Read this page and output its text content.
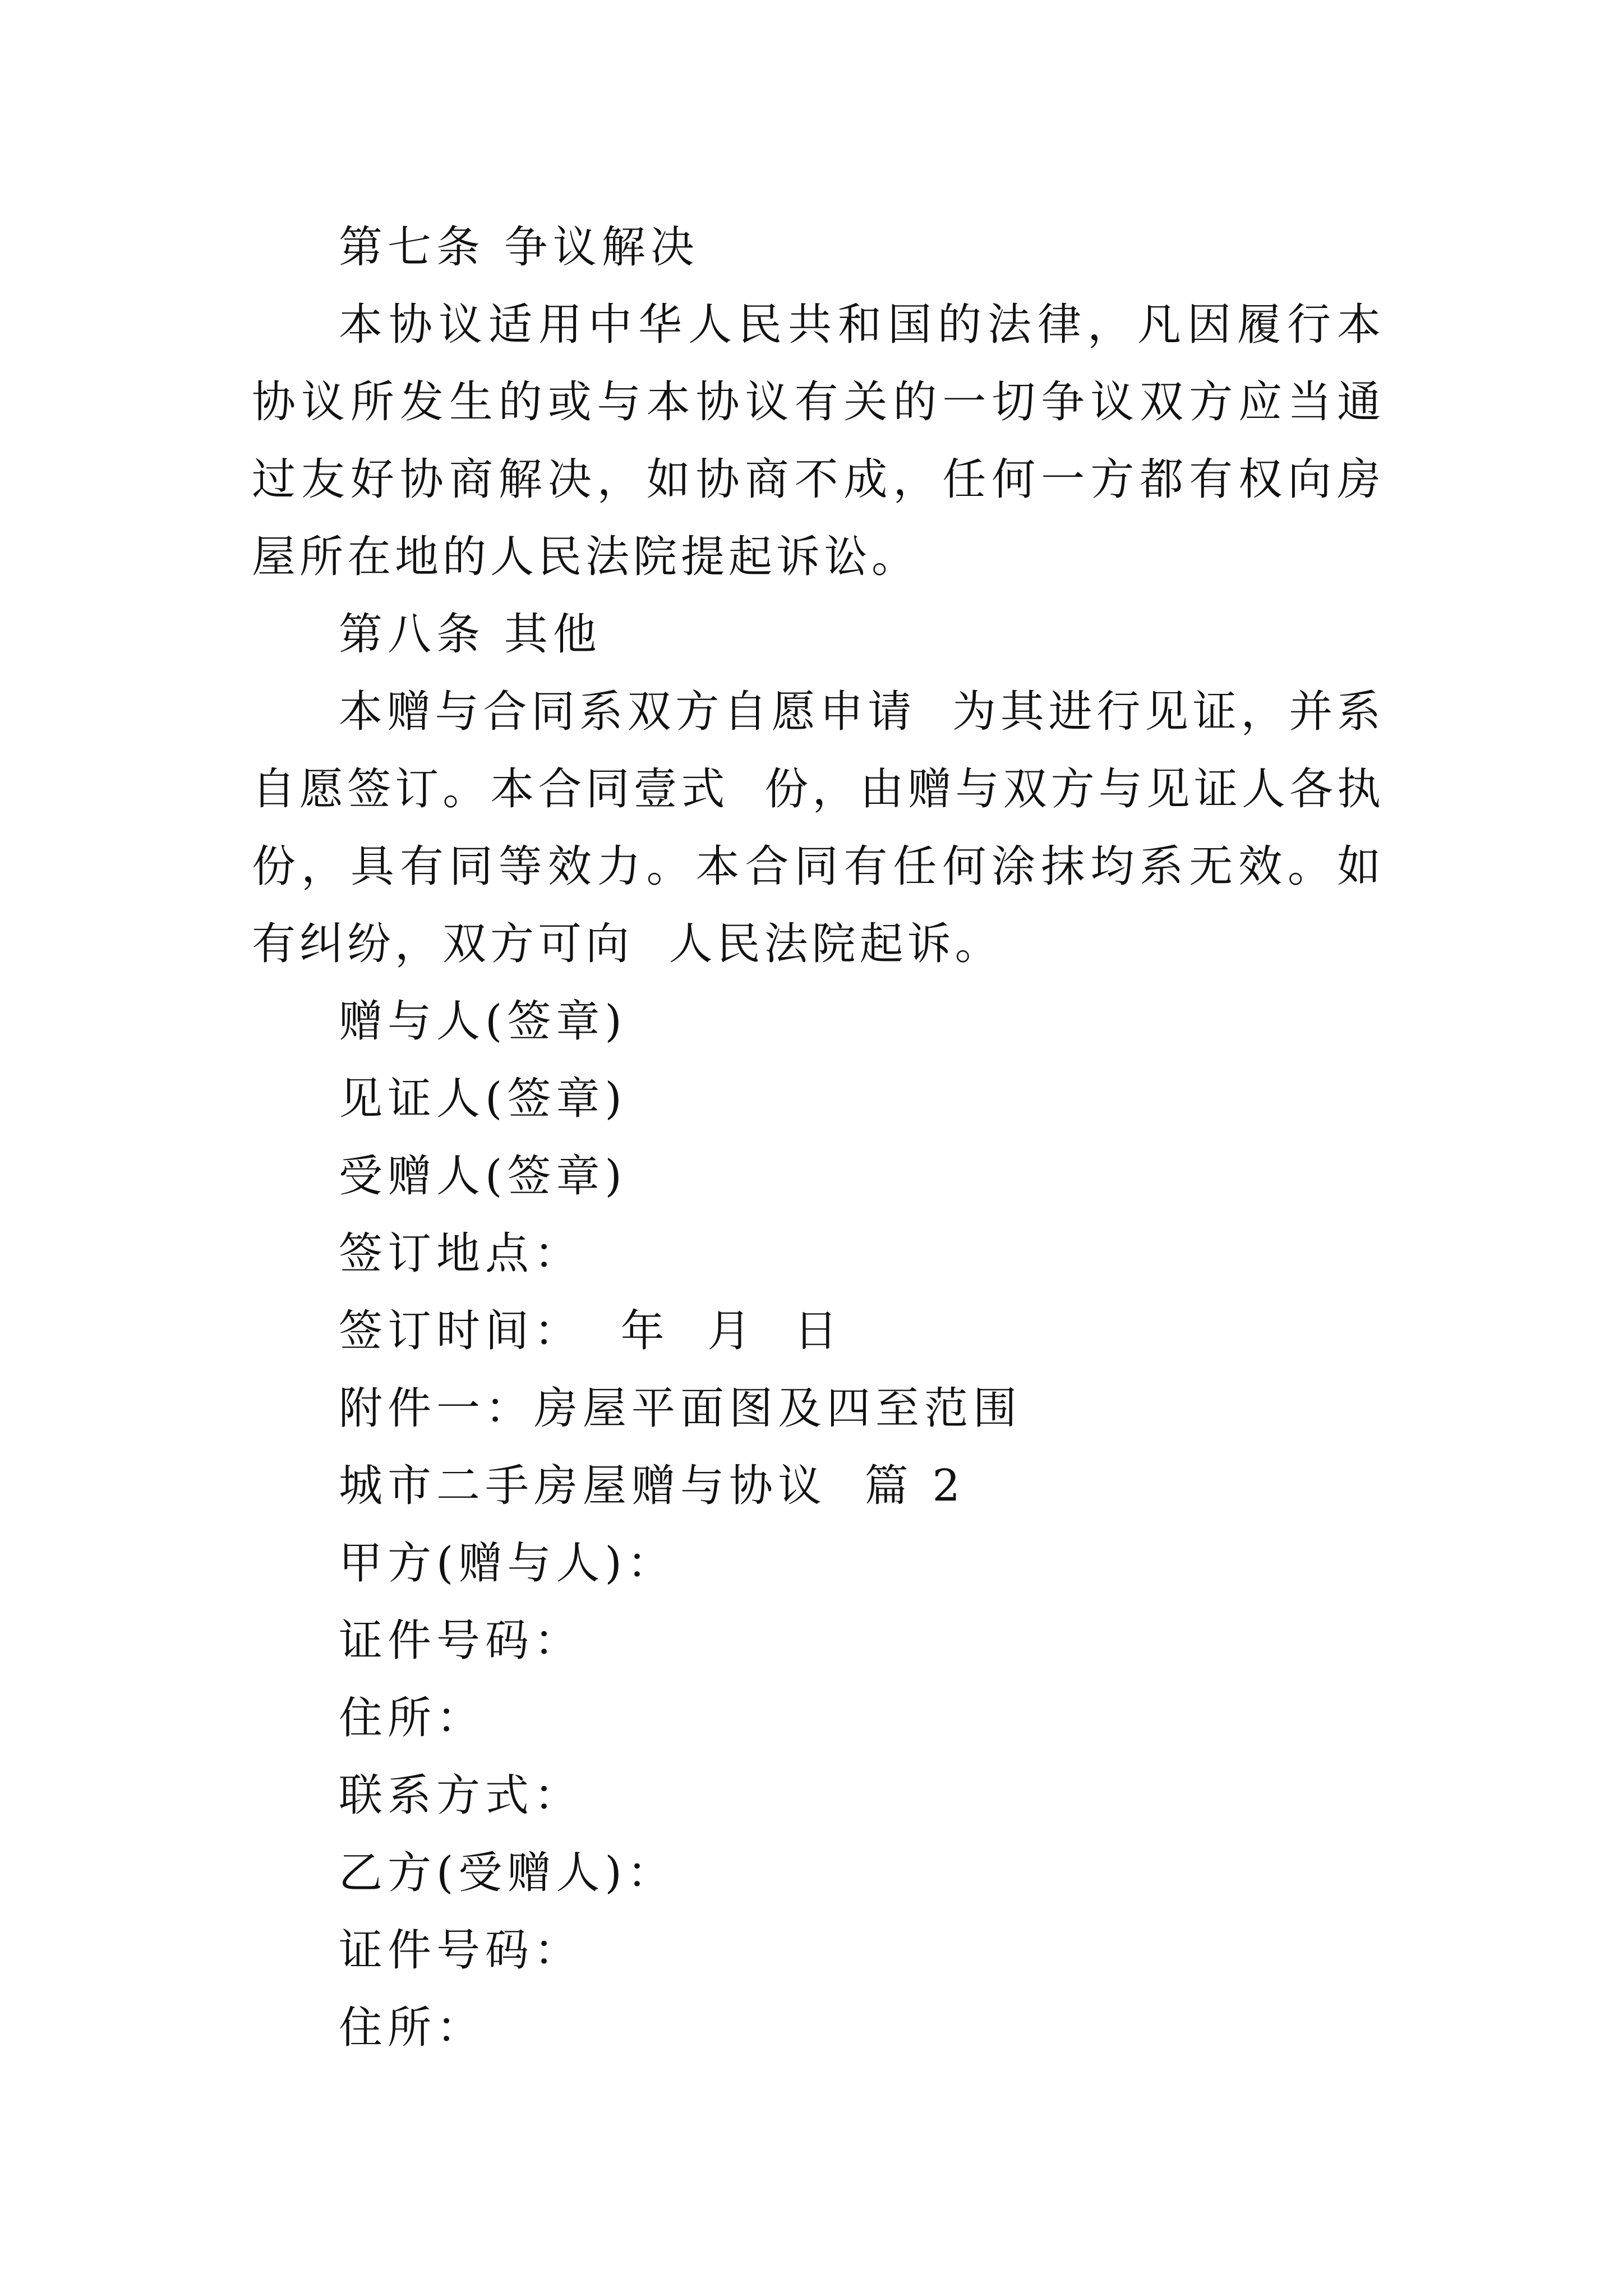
第七条 争议解决

本协议适用中华人民共和国的法律，凡因履行本协议所发生的或与本协议有关的一切争议双方应当通过友好协商解决，如协商不成，任何一方都有权向房屋所在地的人民法院提起诉讼。

第八条 其他

本赠与合同系双方自愿申请  为其进行见证，并系自愿签订。本合同壹式  份，由赠与双方与见证人各执  份，具有同等效力。本合同有任何涂抹均系无效。如有纠纷，双方可向  人民法院起诉。

赠与人(签章)
见证人(签章)
受赠人(签章)
签订地点：
签订时间：  年  月  日
附件一：房屋平面图及四至范围
城市二手房屋赠与协议  篇 2
甲方(赠与人)：
证件号码：
住所：
联系方式：
乙方(受赠人)：
证件号码：
住所：
